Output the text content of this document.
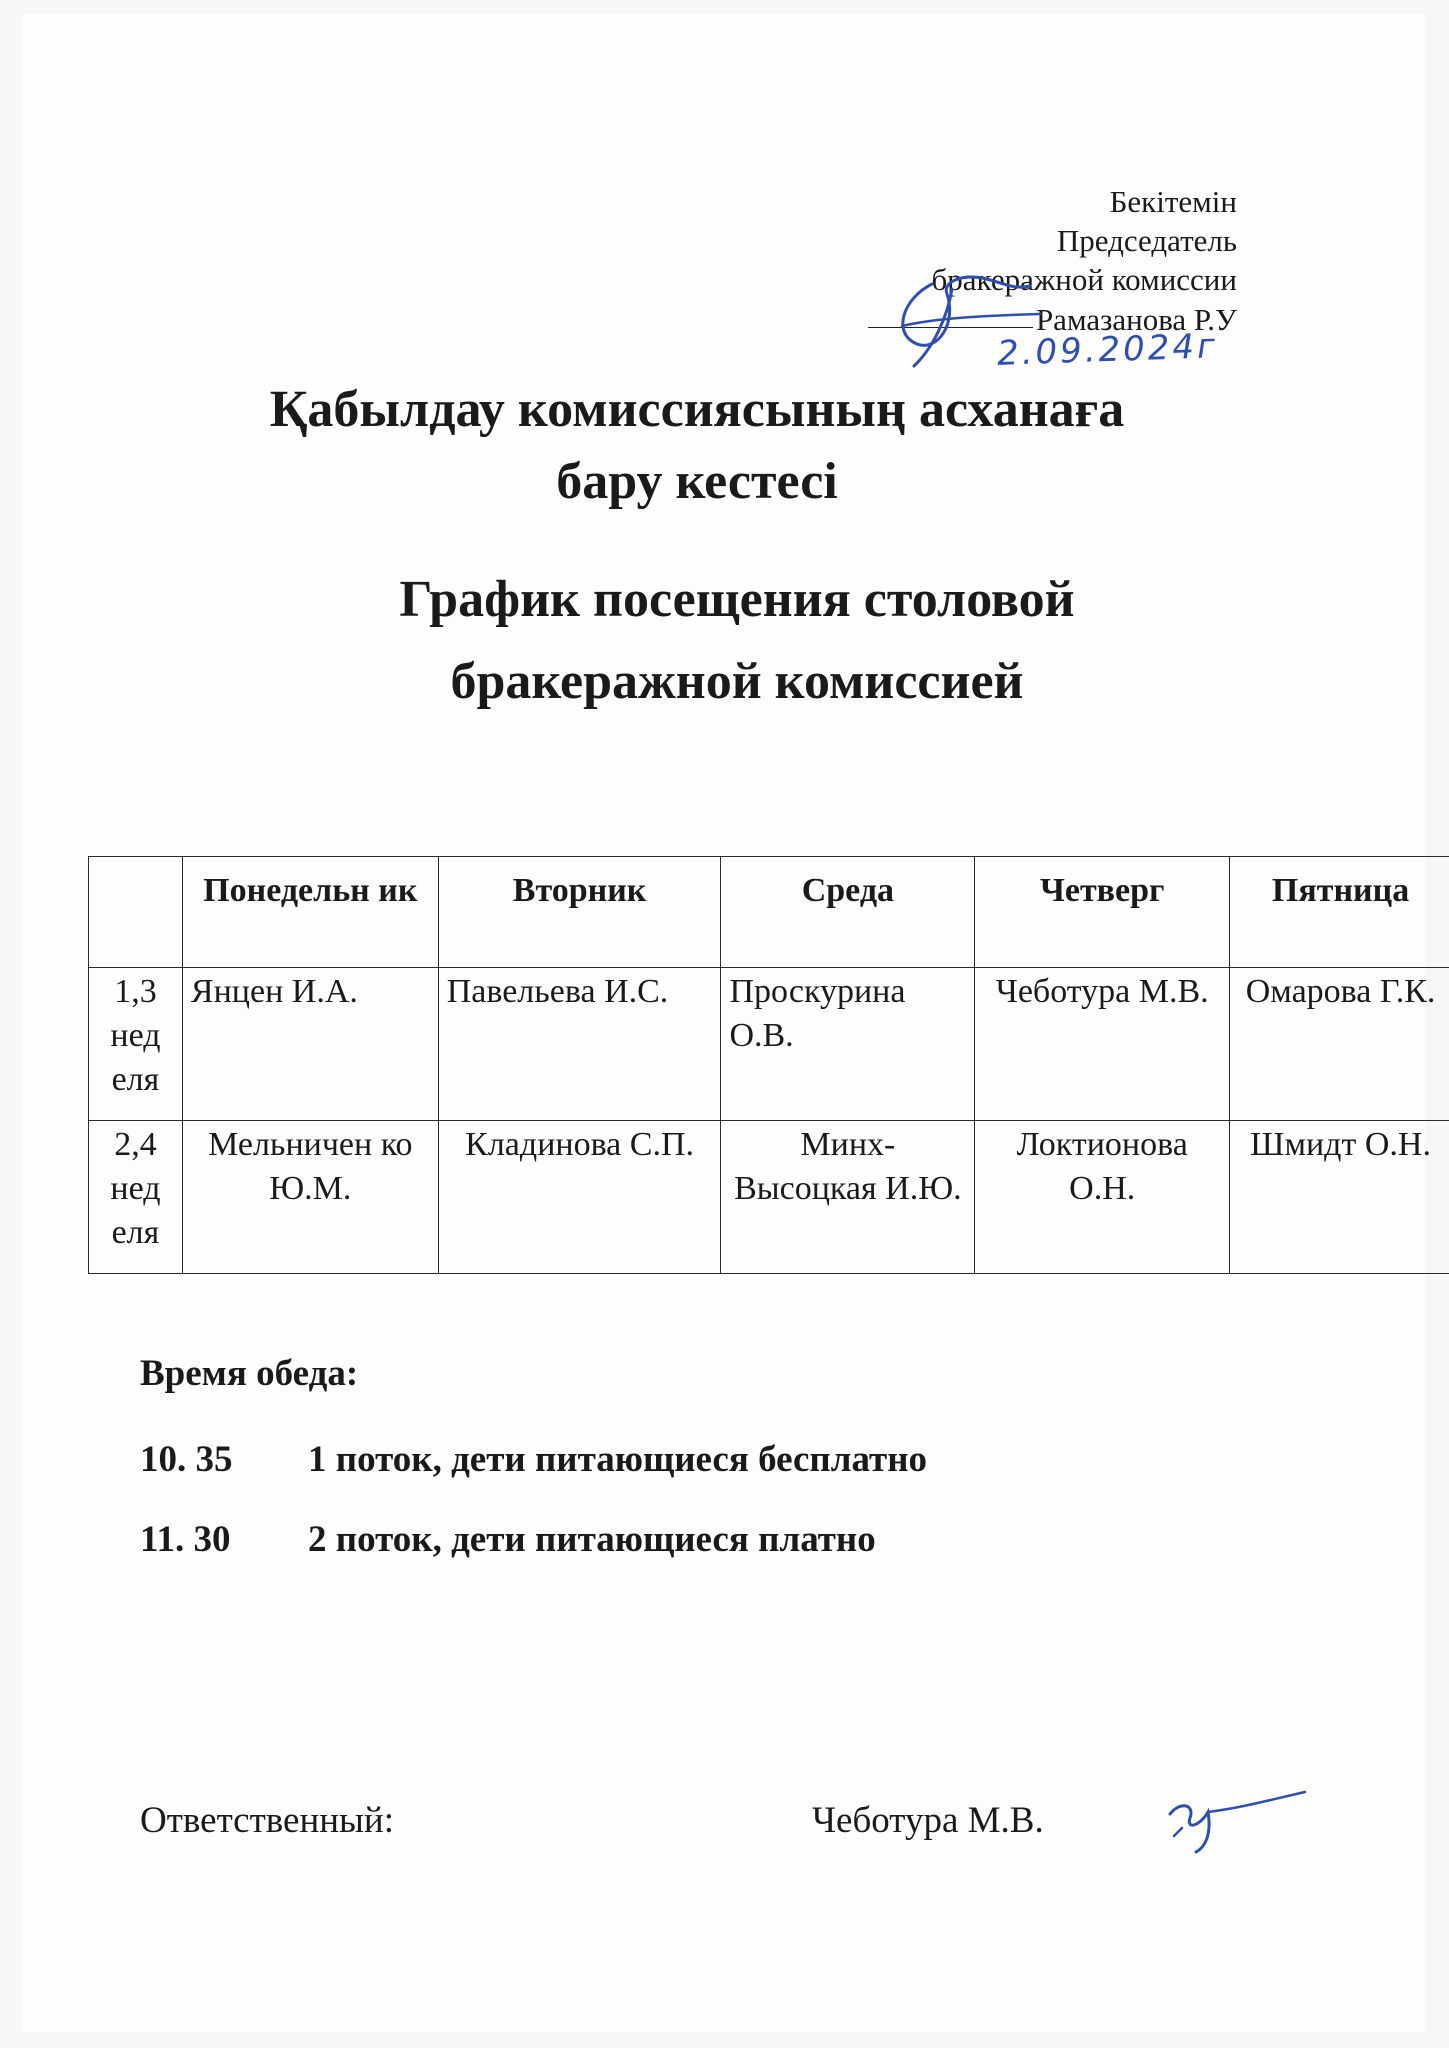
Бекітемін
Председатель
бракеражной комиссии
Рамазанова Р.У
2.09.2024г
Қабылдау комиссиясының асханаға
бару кестесі
График посещения столовой
бракеражной комиссией
	Понедельн ик	Вторник	Среда	Четверг	Пятница
1,3 нед еля	Янцен И.А.	Павельева И.С.	Проскурина О.В.	Чеботура М.В.	Омарова Г.К.
2,4 нед еля	Мельничен ко Ю.М.	Кладинова С.П.	Минх- Высоцкая И.Ю.	Локтионова О.Н.	Шмидт О.Н.
Время обеда:
10. 35 1 поток, дети питающиеся бесплатно
11. 30 2 поток, дети питающиеся платно
Ответственный:	Чеботура М.В.
